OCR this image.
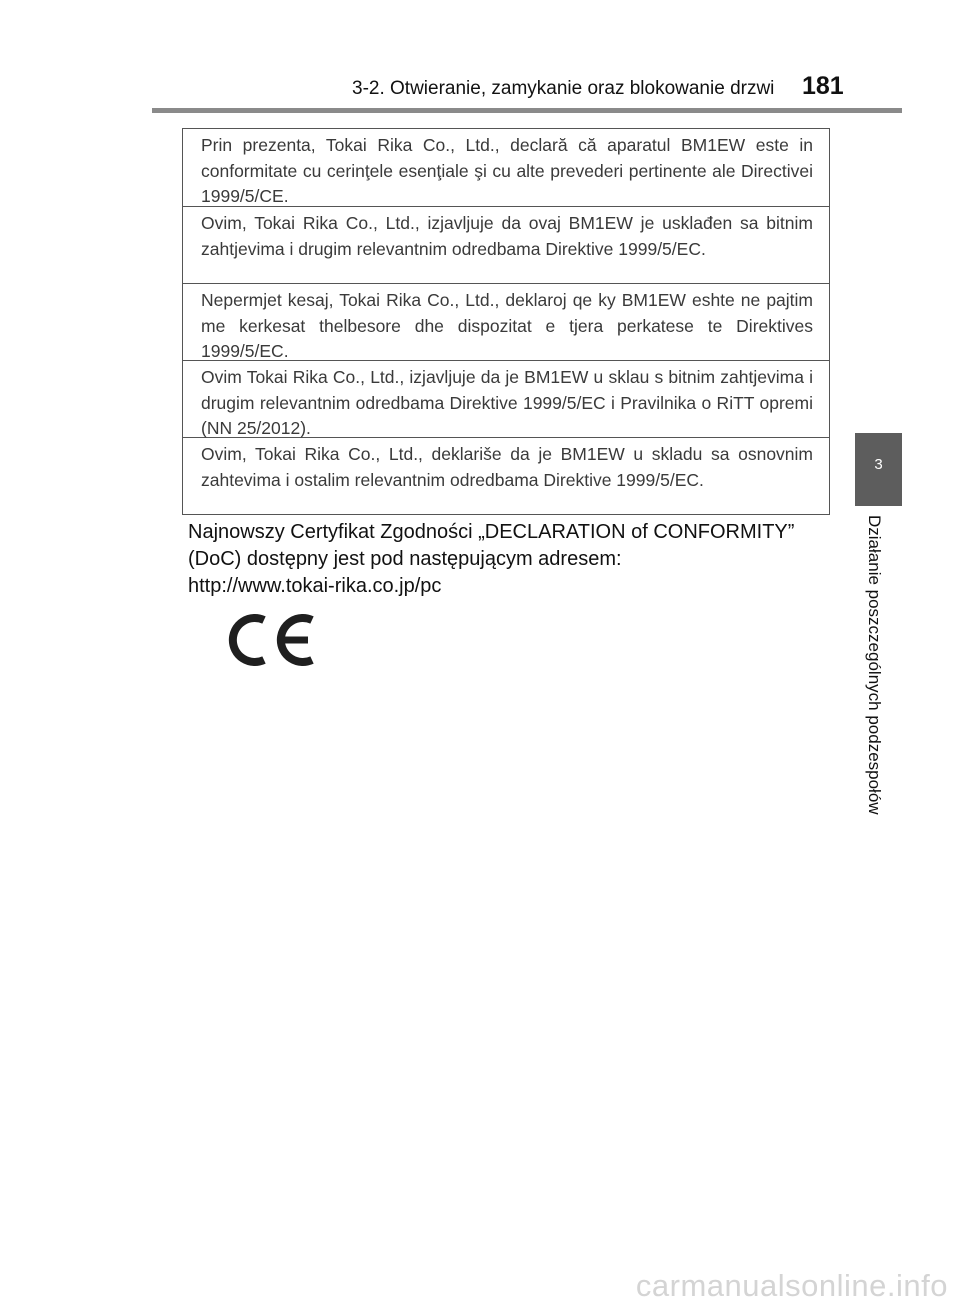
3-2. Otwieranie, zamykanie oraz blokowanie drzwi 181
3
Działanie poszczególnych podzespołów
Prin prezenta, Tokai Rika Co., Ltd., declară că aparatul BM1EW este in conformitate cu cerinţele esenţiale şi cu alte prevederi pertinente ale Directivei 1999/5/CE.
Ovim, Tokai Rika Co., Ltd., izjavljuje da ovaj BM1EW je usklađen sa bitnim zahtjevima i drugim relevantnim odredbama Direktive 1999/5/EC.
Nepermjet kesaj, Tokai Rika Co., Ltd., deklaroj qe ky BM1EW eshte ne pajtim me kerkesat thelbesore dhe dispozitat e tjera perkatese te Direktives 1999/5/EC.
Ovim Tokai Rika Co., Ltd., izjavljuje da je BM1EW u sklau s bitnim zahtjevima i drugim relevantnim odredbama Direktive 1999/5/EC i Pravilnika o RiTT opremi (NN 25/2012).
Ovim, Tokai Rika Co., Ltd., deklariše da je BM1EW u skladu sa osnovnim zahtevima i ostalim relevantnim odredbama Direktive 1999/5/EC.

Najnowszy Certyfikat Zgodności „DECLARATION of CONFORMITY”

(DoC) dostępny jest pod następującym adresem:

http://www.tokai-rika.co.jp/pc

carmanualsonline.info
